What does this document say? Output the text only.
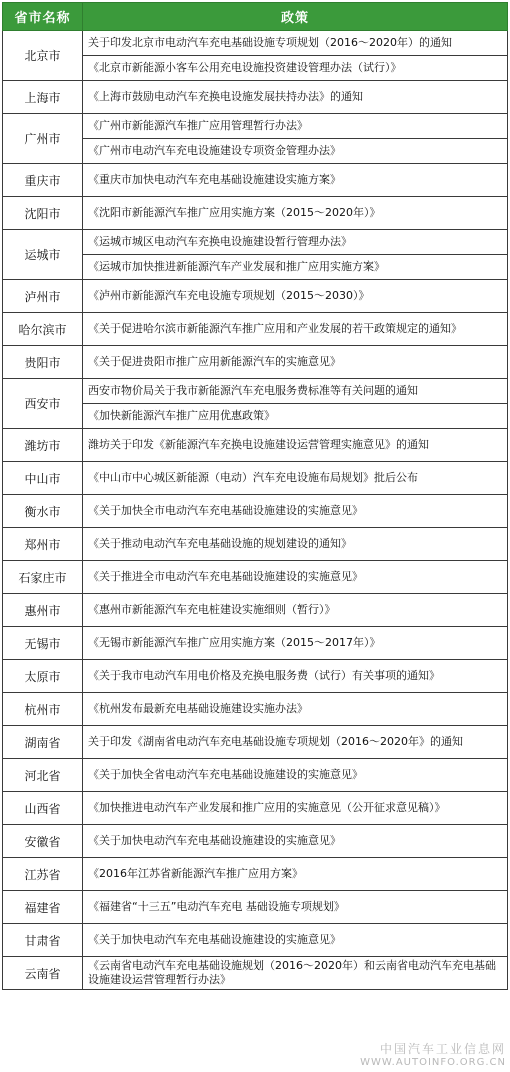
省市名称	政策
北京市	关于印发北京市电动汽车充电基础设施专项规划（2016～2020年）的通知
	《北京市新能源小客车公用充电设施投资建设管理办法（试行）》
上海市	《上海市鼓励电动汽车充换电设施发展扶持办法》的通知
广州市	《广州市新能源汽车推广应用管理暂行办法》
	《广州市电动汽车充电设施建设专项资金管理办法》
重庆市	《重庆市加快电动汽车充电基础设施建设实施方案》
沈阳市	《沈阳市新能源汽车推广应用实施方案（2015～2020年）》
运城市	《运城市城区电动汽车充换电设施建设暂行管理办法》
	《运城市加快推进新能源汽车产业发展和推广应用实施方案》
泸州市	《泸州市新能源汽车充电设施专项规划（2015～2030）》
哈尔滨市	《关于促进哈尔滨市新能源汽车推广应用和产业发展的若干政策规定的通知》
贵阳市	《关于促进贵阳市推广应用新能源汽车的实施意见》
西安市	西安市物价局关于我市新能源汽车充电服务费标准等有关问题的通知
	《加快新能源汽车推广应用优惠政策》
潍坊市	潍坊关于印发《新能源汽车充换电设施建设运营管理实施意见》的通知
中山市	《中山市中心城区新能源（电动）汽车充电设施布局规划》批后公布
衡水市	《关于加快全市电动汽车充电基础设施建设的实施意见》
郑州市	《关于推动电动汽车充电基础设施的规划建设的通知》
石家庄市	《关于推进全市电动汽车充电基础设施建设的实施意见》
惠州市	《惠州市新能源汽车充电桩建设实施细则（暂行）》
无锡市	《无锡市新能源汽车推广应用实施方案（2015～2017年）》
太原市	《关于我市电动汽车用电价格及充换电服务费（试行）有关事项的通知》
杭州市	《杭州发布最新充电基础设施建设实施办法》
湖南省	关于印发《湖南省电动汽车充电基础设施专项规划（2016～2020年》的通知
河北省	《关于加快全省电动汽车充电基础设施建设的实施意见》
山西省	《加快推进电动汽车产业发展和推广应用的实施意见（公开征求意见稿）》
安徽省	《关于加快电动汽车充电基础设施建设的实施意见》
江苏省	《2016年江苏省新能源汽车推广应用方案》
福建省	《福建省“十三五”电动汽车充电 基础设施专项规划》
甘肃省	《关于加快电动汽车充电基础设施建设的实施意见》
云南省	《云南省电动汽车充电基础设施规划（2016～2020年）和云南省电动汽车充电基础设施建设运营管理暂行办法》
中国汽车工业信息网
WWW.AUTOINFO.ORG.CN
